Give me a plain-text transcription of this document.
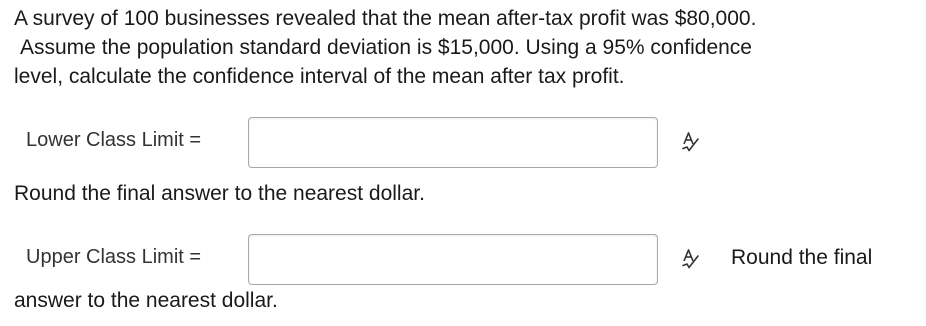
A survey of 100 businesses revealed that the mean after-tax profit was $80,000.
Assume the population standard deviation is $15,000. Using a 95% confidence
level, calculate the confidence interval of the mean after tax profit.
Lower Class Limit =
Round the final answer to the nearest dollar.
Upper Class Limit =	Round the final
answer to the nearest dollar.
